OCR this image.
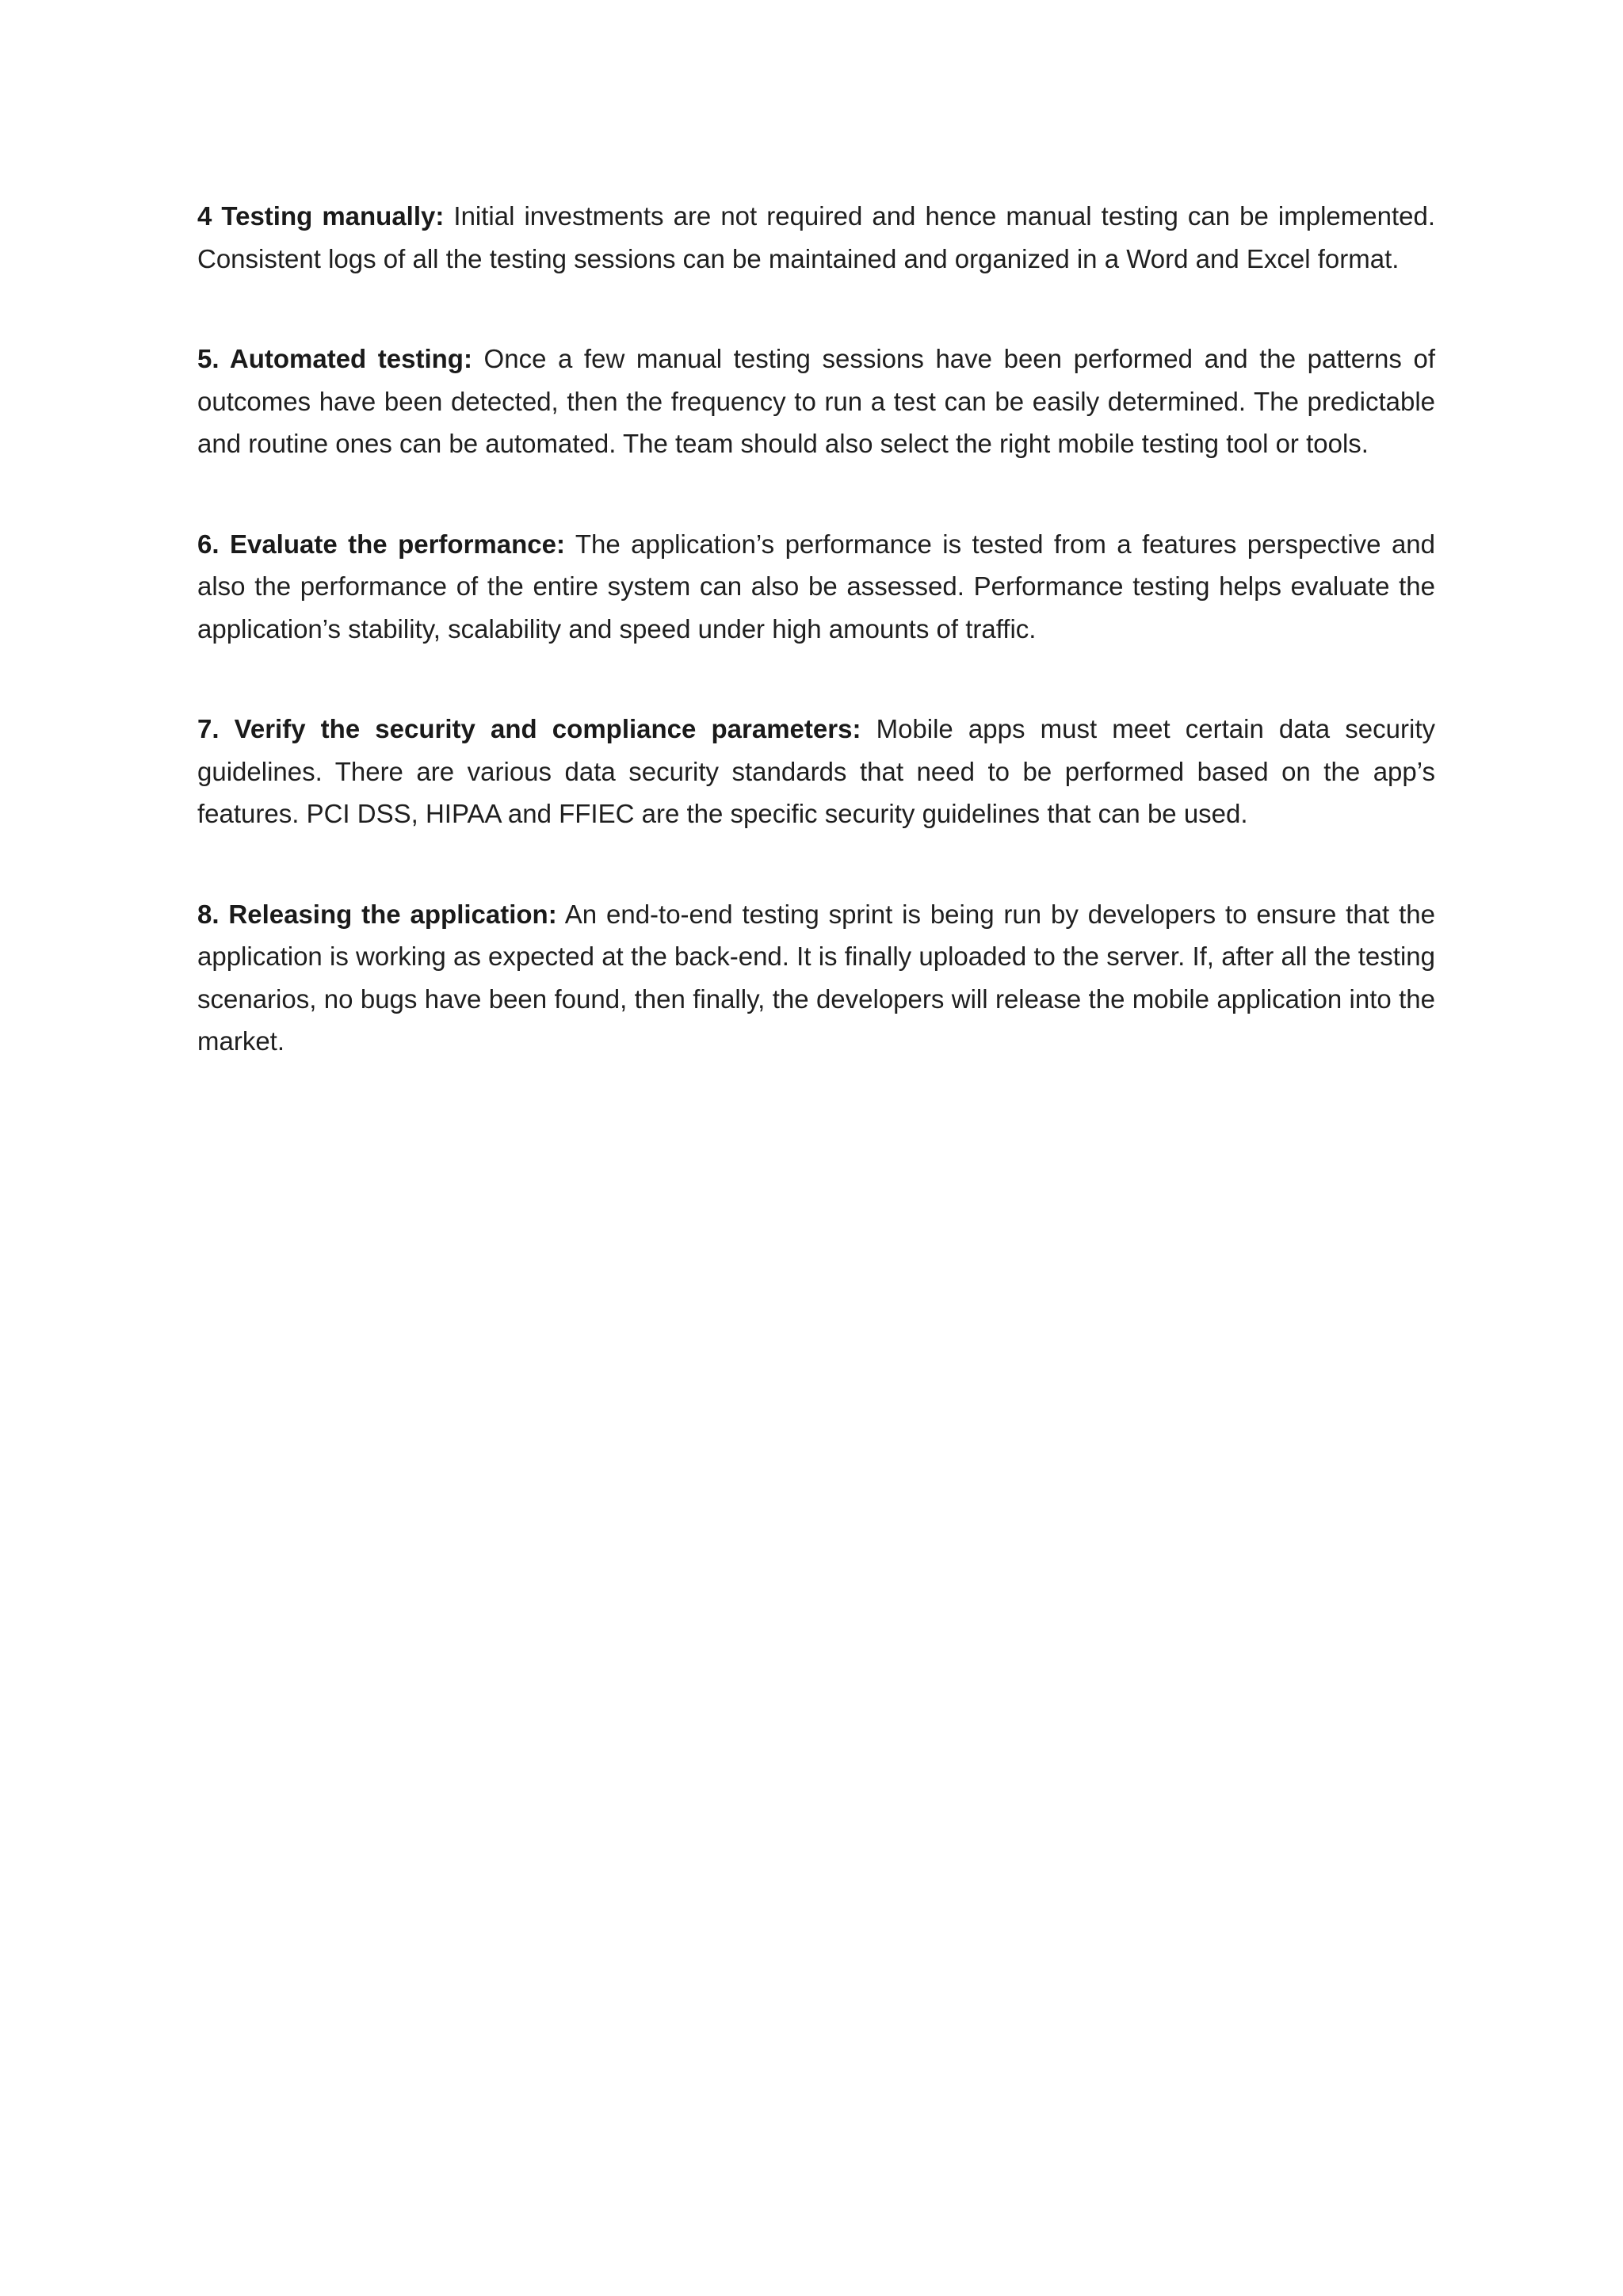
4 Testing manually: Initial investments are not required and hence manual testing can be implemented. Consistent logs of all the testing sessions can be maintained and organized in a Word and Excel format.

5. Automated testing: Once a few manual testing sessions have been performed and the patterns of outcomes have been detected, then the frequency to run a test can be easily determined. The predictable and routine ones can be automated. The team should also select the right mobile testing tool or tools.

6. Evaluate the performance: The application’s performance is tested from a features perspective and also the performance of the entire system can also be assessed. Performance testing helps evaluate the application’s stability, scalability and speed under high amounts of traffic.

7. Verify the security and compliance parameters: Mobile apps must meet certain data security guidelines. There are various data security standards that need to be performed based on the app’s features. PCI DSS, HIPAA and FFIEC are the specific security guidelines that can be used.

8. Releasing the application: An end-to-end testing sprint is being run by developers to ensure that the application is working as expected at the back-end. It is finally uploaded to the server. If, after all the testing scenarios, no bugs have been found, then finally, the developers will release the mobile application into the market.
